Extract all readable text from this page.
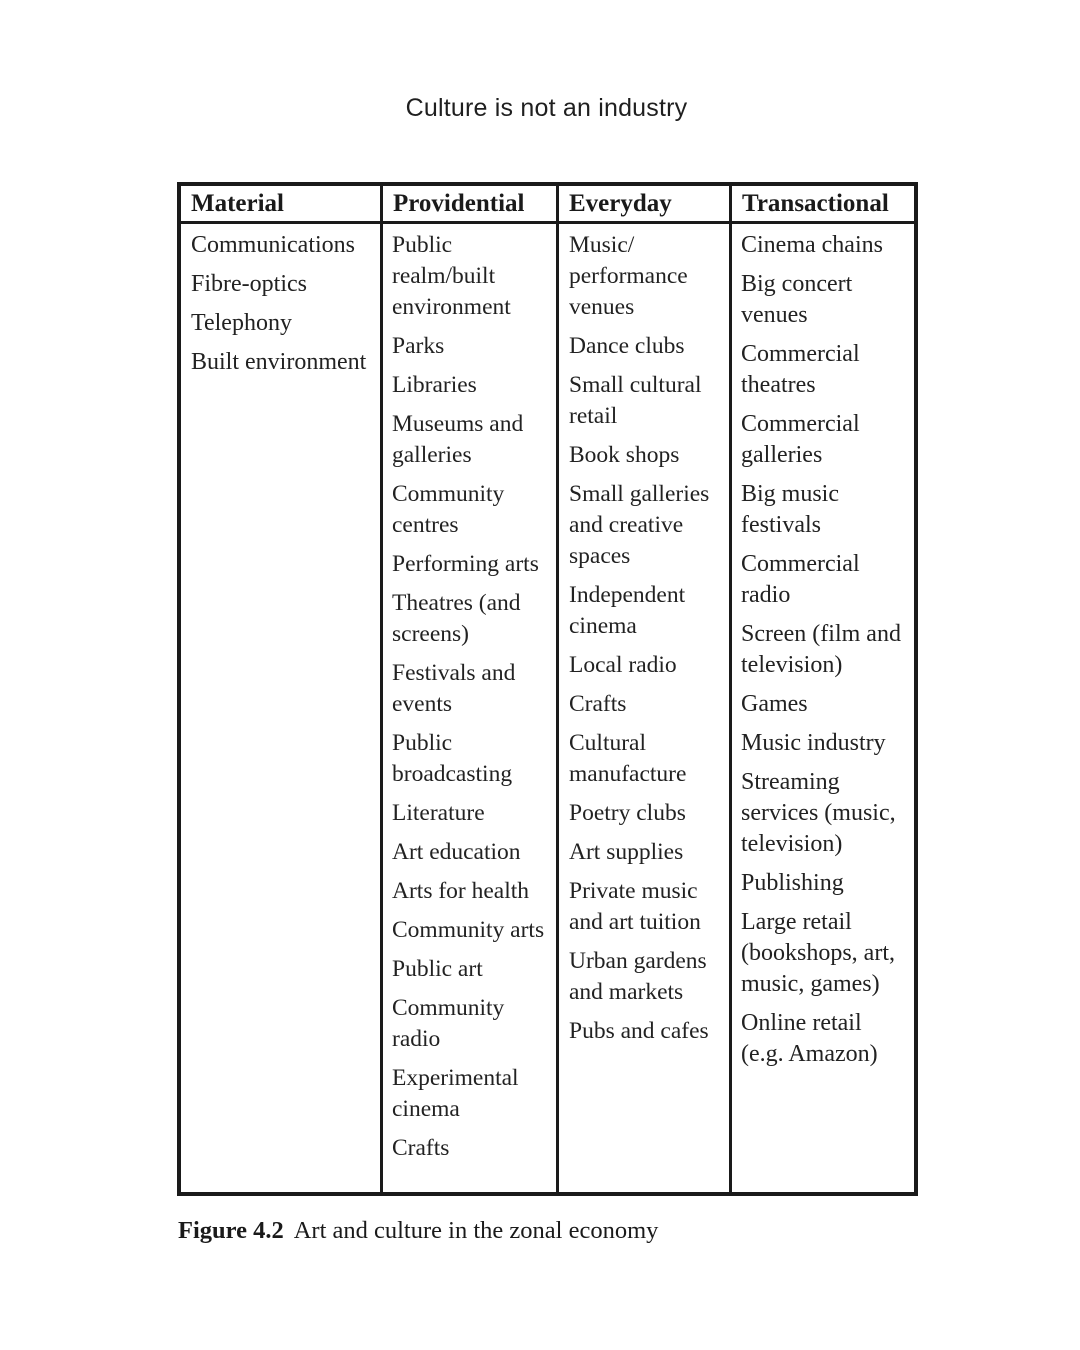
Culture is not an industry
Material
Communications
Fibre-optics
Telephony
Built environment
Providential
Public realm/built environment
Parks
Libraries
Museums and galleries
Community centres
Performing arts
Theatres (and screens)
Festivals and events
Public broadcasting
Literature
Art education
Arts for health
Community arts
Public art
Community radio
Experimental cinema
Crafts
Everyday
Music/ performance venues
Dance clubs
Small cultural retail
Book shops
Small galleries and creative spaces
Independent cinema
Local radio
Crafts
Cultural manufacture
Poetry clubs
Art supplies
Private music and art tuition
Urban gardens and markets
Pubs and cafes
Transactional
Cinema chains
Big concert venues
Commercial theatres
Commercial galleries
Big music festivals
Commercial radio
Screen (film and television)
Games
Music industry
Streaming services (music, television)
Publishing
Large retail (bookshops, art, music, games)
Online retail (e.g. Amazon)
Figure 4.2 Art and culture in the zonal economy
